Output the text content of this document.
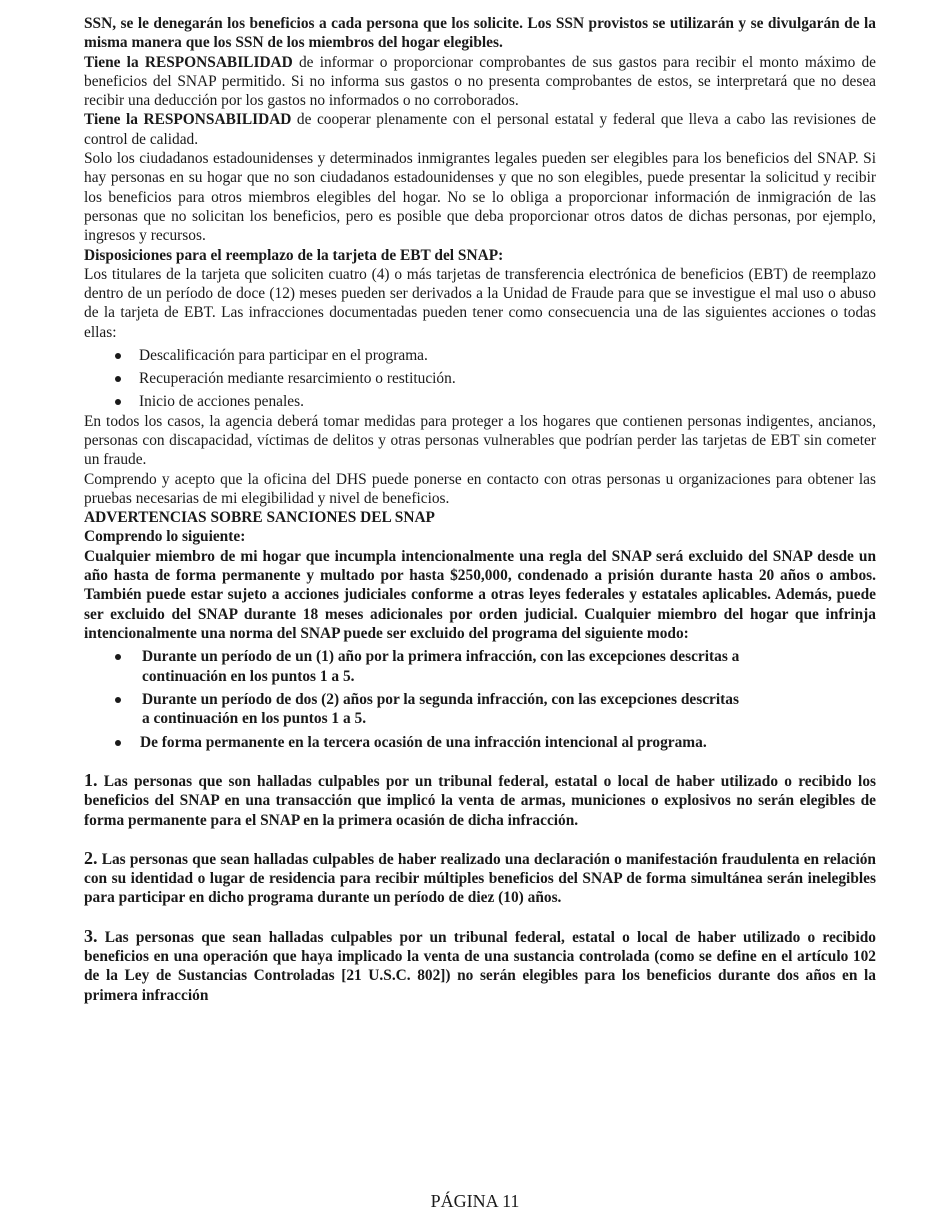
SSN, se le denegarán los beneficios a cada persona que los solicite. Los SSN provistos se utilizarán y se divulgarán de la misma manera que los SSN de los miembros del hogar elegibles.

Tiene la RESPONSABILIDAD de informar o proporcionar comprobantes de sus gastos para recibir el monto máximo de beneficios del SNAP permitido. Si no informa sus gastos o no presenta comprobantes de estos, se interpretará que no desea recibir una deducción por los gastos no informados o no corroborados.

Tiene la RESPONSABILIDAD de cooperar plenamente con el personal estatal y federal que lleva a cabo las revisiones de control de calidad.

Solo los ciudadanos estadounidenses y determinados inmigrantes legales pueden ser elegibles para los beneficios del SNAP. Si hay personas en su hogar que no son ciudadanos estadounidenses y que no son elegibles, puede presentar la solicitud y recibir los beneficios para otros miembros elegibles del hogar. No se lo obliga a proporcionar información de inmigración de las personas que no solicitan los beneficios, pero es posible que deba proporcionar otros datos de dichas personas, por ejemplo, ingresos y recursos.

Disposiciones para el reemplazo de la tarjeta de EBT del SNAP:

Los titulares de la tarjeta que soliciten cuatro (4) o más tarjetas de transferencia electrónica de beneficios (EBT) de reemplazo dentro de un período de doce (12) meses pueden ser derivados a la Unidad de Fraude para que se investigue el mal uso o abuso de la tarjeta de EBT. Las infracciones documentadas pueden tener como consecuencia una de las siguientes acciones o todas ellas:

Descalificación para participar en el programa.
Recuperación mediante resarcimiento o restitución.
Inicio de acciones penales.

En todos los casos, la agencia deberá tomar medidas para proteger a los hogares que contienen personas indigentes, ancianos, personas con discapacidad, víctimas de delitos y otras personas vulnerables que podrían perder las tarjetas de EBT sin cometer un fraude.

Comprendo y acepto que la oficina del DHS puede ponerse en contacto con otras personas u organizaciones para obtener las pruebas necesarias de mi elegibilidad y nivel de beneficios.

ADVERTENCIAS SOBRE SANCIONES DEL SNAP

Comprendo lo siguiente:

Cualquier miembro de mi hogar que incumpla intencionalmente una regla del SNAP será excluido del SNAP desde un año hasta de forma permanente y multado por hasta $250,000, condenado a prisión durante hasta 20 años o ambos. También puede estar sujeto a acciones judiciales conforme a otras leyes federales y estatales aplicables. Además, puede ser excluido del SNAP durante 18 meses adicionales por orden judicial. Cualquier miembro del hogar que infrinja intencionalmente una norma del SNAP puede ser excluido del programa del siguiente modo:

Durante un período de un (1) año por la primera infracción, con las excepciones descritas a
continuación en los puntos 1 a 5.
Durante un período de dos (2) años por la segunda infracción, con las excepciones descritas
a continuación en los puntos 1 a 5.
De forma permanente en la tercera ocasión de una infracción intencional al programa.

1. Las personas que son halladas culpables por un tribunal federal, estatal o local de haber utilizado o recibido los beneficios del SNAP en una transacción que implicó la venta de armas, municiones o explosivos no serán elegibles de forma permanente para el SNAP en la primera ocasión de dicha infracción.

2. Las personas que sean halladas culpables de haber realizado una declaración o manifestación fraudulenta en relación con su identidad o lugar de residencia para recibir múltiples beneficios del SNAP de forma simultánea serán inelegibles para participar en dicho programa durante un período de diez (10) años.

3. Las personas que sean halladas culpables por un tribunal federal, estatal o local de haber utilizado o recibido beneficios en una operación que haya implicado la venta de una sustancia controlada (como se define en el artículo 102 de la Ley de Sustancias Controladas [21 U.S.C. 802]) no serán elegibles para los beneficios durante dos años en la primera infracción

PÁGINA 11
